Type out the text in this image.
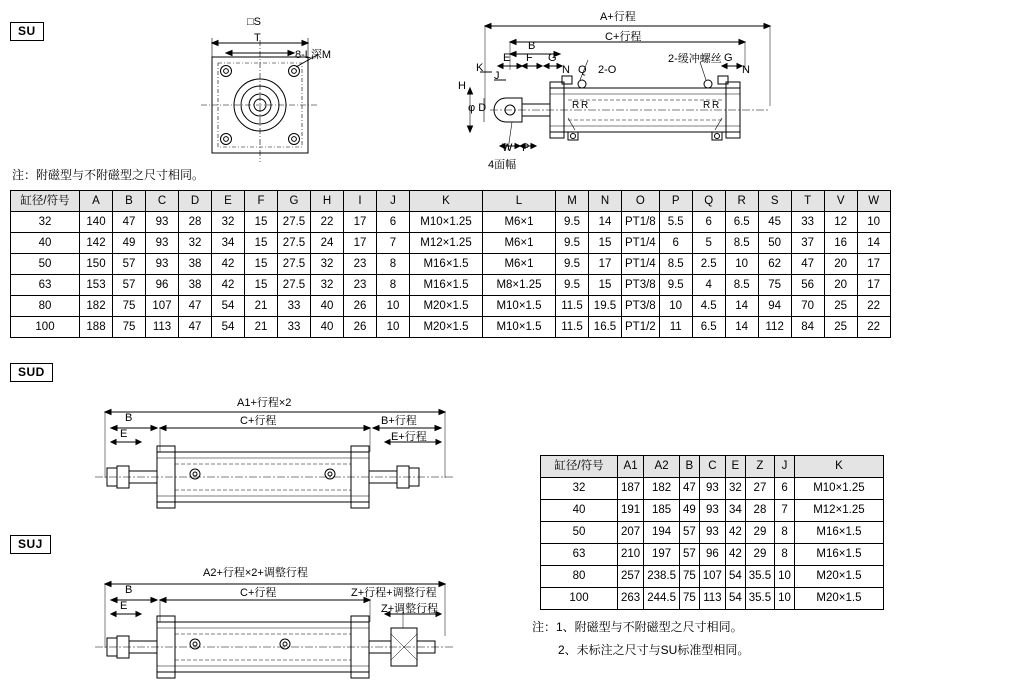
SU
□S
T
8-L深M
A+行程
C+行程
B
E F G
N Q 2-O
2-缓冲螺丝 G
N
K
J
H
φ D	R R	R R
W P
4面幅
注：附磁型与不附磁型之尺寸相同。
缸径/符号	A	B	C	D	E	F	G	H	I	J	K	L	M	N	O	P	Q	R	S	T	V	W
32	140	47	93	28	32	15	27.5	22	17	6	M10×1.25	M6×1	9.5	14	PT1/8	5.5	6	6.5	45	33	12	10
40	142	49	93	32	34	15	27.5	24	17	7	M12×1.25	M6×1	9.5	15	PT1/4	6	5	8.5	50	37	16	14
50	150	57	93	38	42	15	27.5	32	23	8	M16×1.5	M6×1	9.5	17	PT1/4	8.5	2.5	10	62	47	20	17
63	153	57	96	38	42	15	27.5	32	23	8	M16×1.5	M8×1.25	9.5	15	PT3/8	9.5	4	8.5	75	56	20	17
80	182	75	107	47	54	21	33	40	26	10	M20×1.5	M10×1.5	11.5	19.5	PT3/8	10	4.5	14	94	70	25	22
100	188	75	113	47	54	21	33	40	26	10	M20×1.5	M10×1.5	11.5	16.5	PT1/2	11	6.5	14	112	84	25	22
SUD
A1+行程×2
B	C+行程	B+行程
E	E+行程
SUJ
A2+行程×2+调整行程
B	C+行程	Z+行程+调整行程
E	Z+调整行程
缸径/符号	A1	A2	B	C	E	Z	J	K
32	187	182	47	93	32	27	6	M10×1.25
40	191	185	49	93	34	28	7	M12×1.25
50	207	194	57	93	42	29	8	M16×1.5
63	210	197	57	96	42	29	8	M16×1.5
80	257	238.5	75	107	54	35.5	10	M20×1.5
100	263	244.5	75	113	54	35.5	10	M20×1.5
注：1、附磁型与不附磁型之尺寸相同。
2、未标注之尺寸与SU标准型相同。
